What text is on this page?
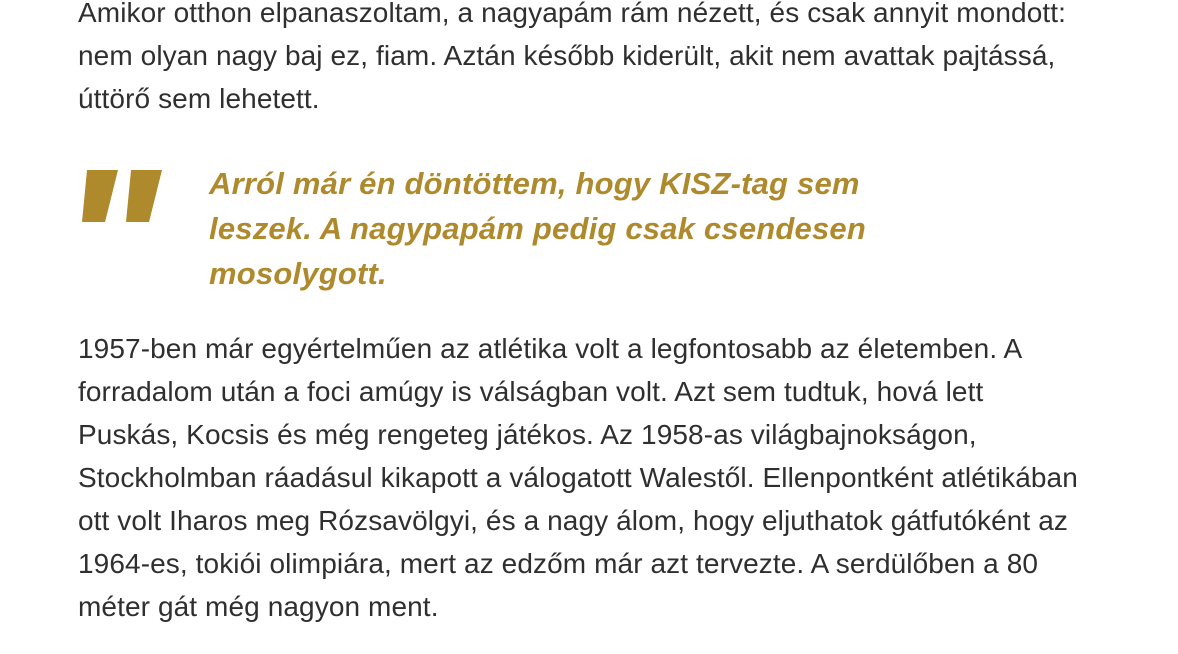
Amikor otthon elpanaszoltam, a nagyapám rám nézett, és csak annyit mondott: nem olyan nagy baj ez, fiam. Aztán később kiderült, akit nem avattak pajtássá, úttörő sem lehetett.

Arról már én döntöttem, hogy KISZ-tag sem
leszek. A nagypapám pedig csak csendesen
mosolygott.

1957-ben már egyértelműen az atlétika volt a legfontosabb az életemben. A forradalom után a foci amúgy is válságban volt. Azt sem tudtuk, hová lett Puskás, Kocsis és még rengeteg játékos. Az 1958-as világbajnokságon, Stockholmban ráadásul kikapott a válogatott Walestől. Ellenpontként atlétikában ott volt Iharos meg Rózsavölgyi, és a nagy álom, hogy eljuthatok gátfutóként az 1964-es, tokiói olimpiára, mert az edzőm már azt tervezte. A serdülőben a 80 méter gát még nagyon ment.
